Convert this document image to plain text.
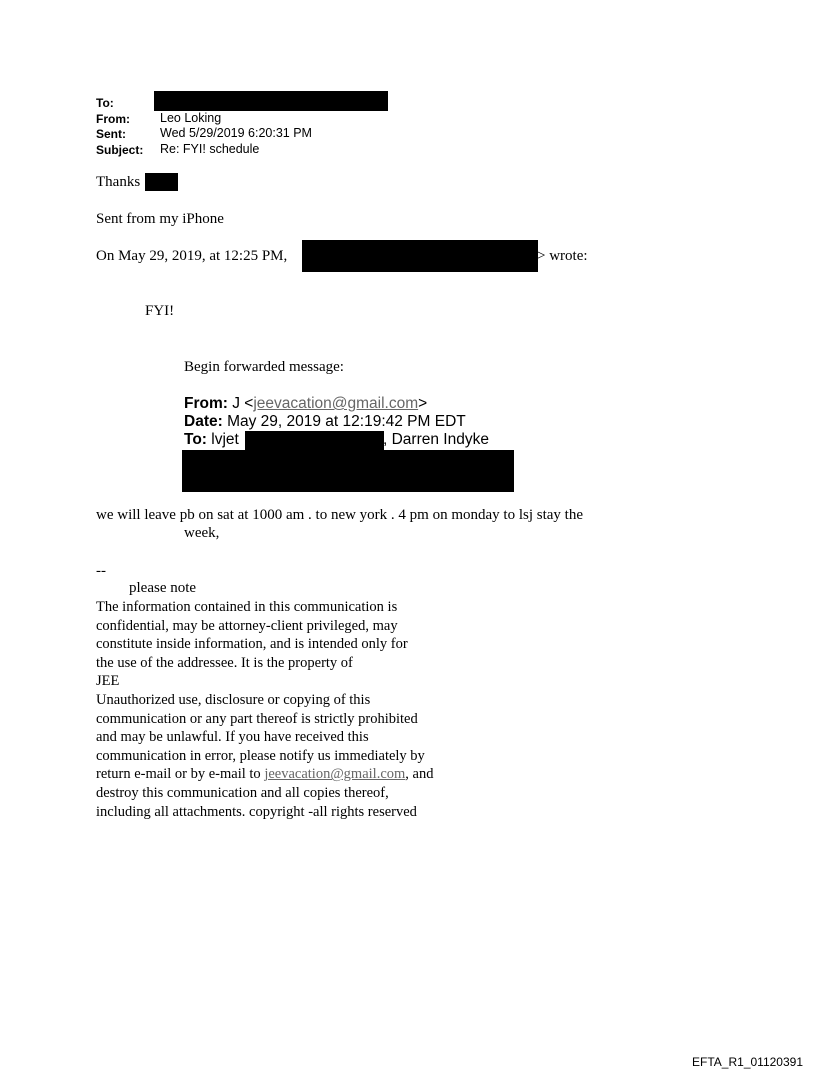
To:
From: Leo Loking
Sent:	Wed 5/29/2019 6:20:31 PM
Subject: Re: FYI! schedule
Thanks
Sent from my iPhone
On May 29, 2019, at 12:25 PM,	> wrote:
FYI!
Begin forwarded message:
From: J <jeevacation@gmail.com>
Date: May 29, 2019 at 12:19:42 PM EDT
To: lvjet	, Darren Indyke
we will leave pb on sat at 1000 am . to new york . 4 pm on monday to lsj stay the
week,
--
please note
The information contained in this communication is
confidential, may be attorney-client privileged, may
constitute inside information, and is intended only for
the use of the addressee. It is the property of
JEE
Unauthorized use, disclosure or copying of this
communication or any part thereof is strictly prohibited
and may be unlawful. If you have received this
communication in error, please notify us immediately by
return e-mail or by e-mail to jeevacation@gmail.com, and
destroy this communication and all copies thereof,
including all attachments. copyright -all rights reserved
EFTA_R1_01120391
